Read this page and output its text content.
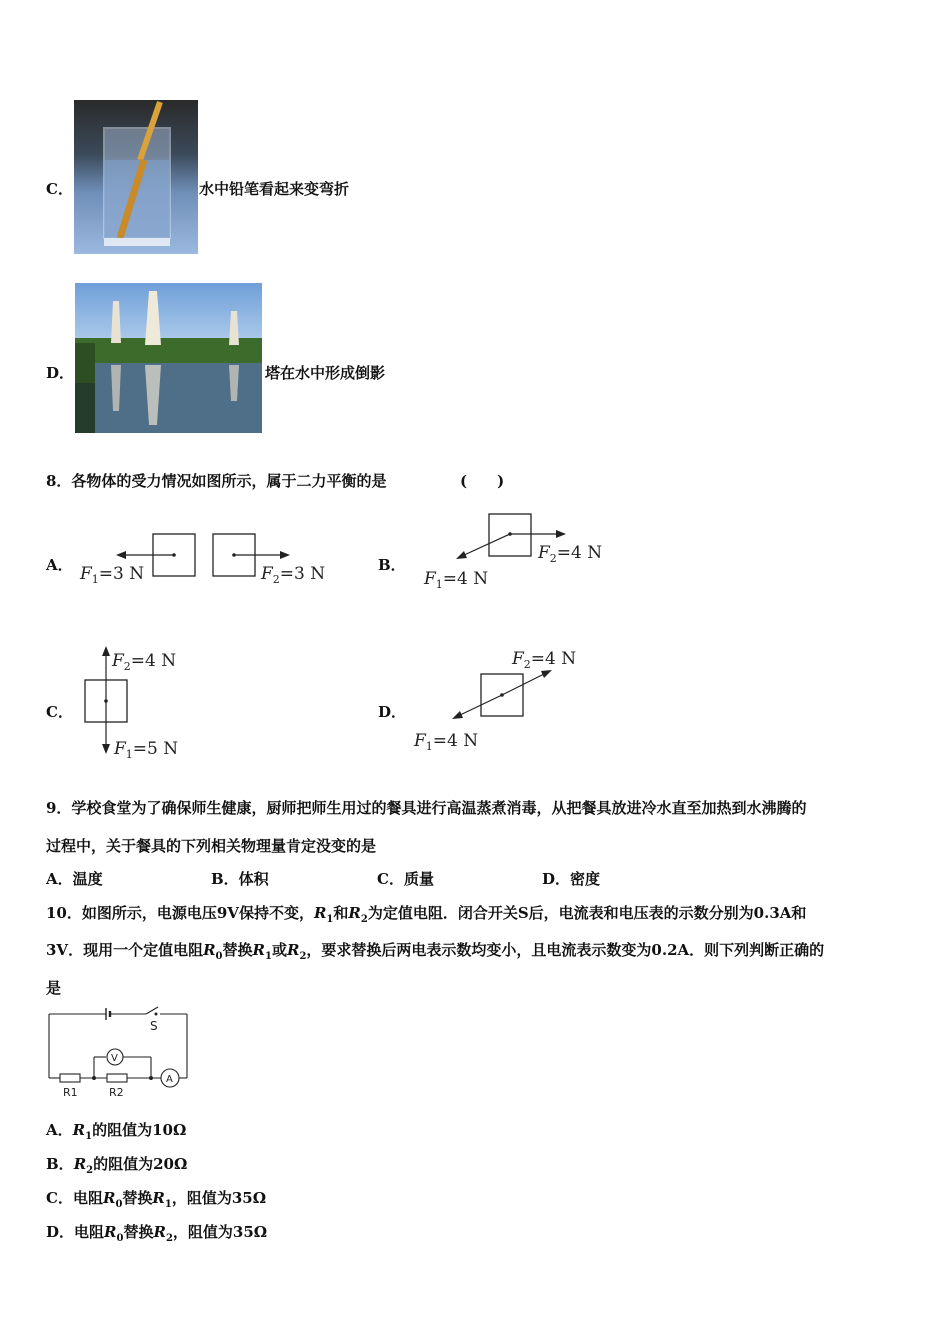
C．	水中铅笔看起来变弯折
D．	塔在水中形成倒影
8．各物体的受力情况如图所示，属于二力平衡的是	(　　)
A． $F_1=3$ N	$F_2=3$ N	B．
$F_2=4$ N
$F_1=4$ N
C．
$F_2=4$ N
$F_1=5$ N
D．
$F_2=4$ N
$F_1=4$ N
9．学校食堂为了确保师生健康，厨师把师生用过的餐具进行高温蒸煮消毒，从把餐具放进冷水直至加热到水沸腾的
过程中，关于餐具的下列相关物理量肯定没变的是
A．温度	B．体积	C．质量	D．密度
10．如图所示，电源电压9V保持不变，$R_1$和$R_2$为定值电阻．闭合开关S后，电流表和电压表的示数分别为0.3A和
3V．现用一个定值电阻$R_0$替换$R_1$或$R_2$，要求替换后两电表示数均变小，且电流表示数变为0.2A．则下列判断正确的
是
S
V
A
R1	R2
A．$R_1$的阻值为10Ω
B．$R_2$的阻值为20Ω
C．电阻$R_0$替换$R_1$，阻值为35Ω
D．电阻$R_0$替换$R_2$，阻值为35Ω
